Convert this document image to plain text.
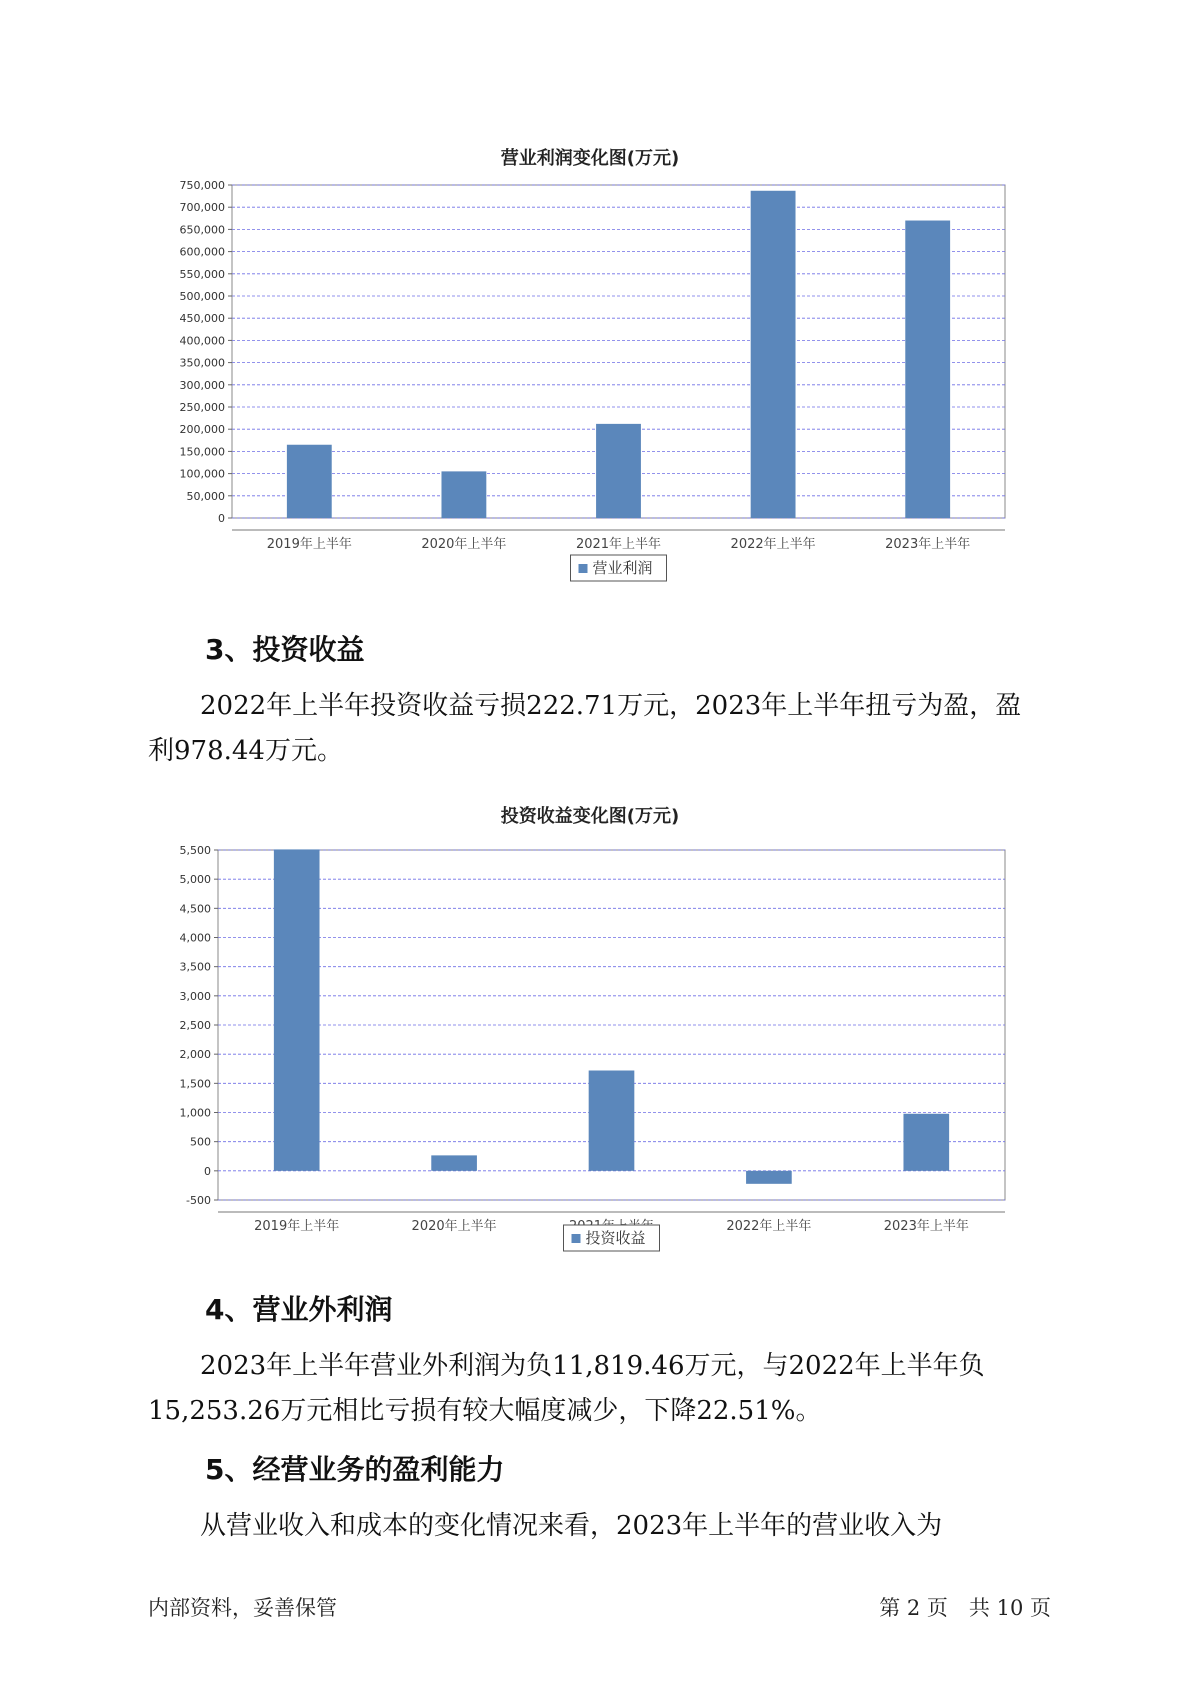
营业利润变化图(万元)
0
50,000
100,000
150,000
200,000
250,000
300,000
350,000
400,000
450,000
500,000
550,000
600,000
650,000
700,000
750,000
2019年上半年	2020年上半年	2021年上半年	2022年上半年	2023年上半年
营业利润
3、投资收益
　　2022年上半年投资收益亏损222.71万元，2023年上半年扭亏为盈，盈
利978.44万元。
投资收益变化图(万元)
-500
0
500
1,000
1,500
2,000
2,500
3,000
3,500
4,000
4,500
5,000
5,500
2019年上半年	2020年上半年	2022年上半年	2023年上半年
投资收益
4、营业外利润
　　2023年上半年营业外利润为负11,819.46万元，与2022年上半年负
15,253.26万元相比亏损有较大幅度减少，下降22.51%。
5、经营业务的盈利能力
　　从营业收入和成本的变化情况来看，2023年上半年的营业收入为
内部资料，妥善保管	第 2 页　共 10 页
